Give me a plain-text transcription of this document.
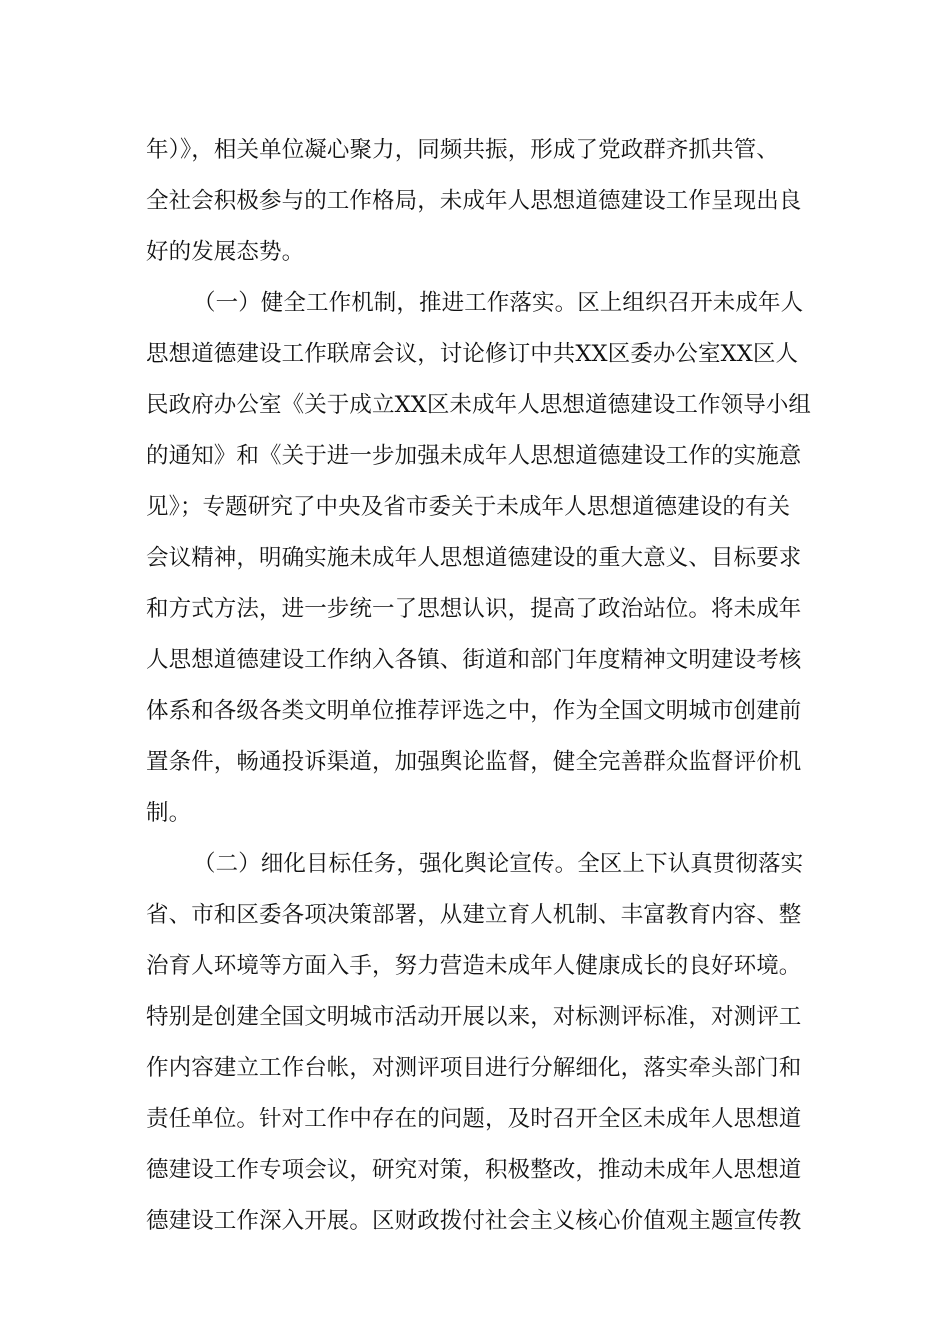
年）》，相关单位凝心聚力，同频共振，形成了党政群齐抓共管、
全社会积极参与的工作格局，未成年人思想道德建设工作呈现出良
好的发展态势。
（一）健全工作机制，推进工作落实。区上组织召开未成年人
思想道德建设工作联席会议，讨论修订中共XX区委办公室XX区人
民政府办公室《关于成立XX区未成年人思想道德建设工作领导小组
的通知》和《关于进一步加强未成年人思想道德建设工作的实施意
见》；专题研究了中央及省市委关于未成年人思想道德建设的有关
会议精神，明确实施未成年人思想道德建设的重大意义、目标要求
和方式方法，进一步统一了思想认识，提高了政治站位。将未成年
人思想道德建设工作纳入各镇、街道和部门年度精神文明建设考核
体系和各级各类文明单位推荐评选之中，作为全国文明城市创建前
置条件，畅通投诉渠道，加强舆论监督，健全完善群众监督评价机
制。
（二）细化目标任务，强化舆论宣传。全区上下认真贯彻落实
省、市和区委各项决策部署，从建立育人机制、丰富教育内容、整
治育人环境等方面入手，努力营造未成年人健康成长的良好环境。
特别是创建全国文明城市活动开展以来，对标测评标准，对测评工
作内容建立工作台帐，对测评项目进行分解细化，落实牵头部门和
责任单位。针对工作中存在的问题，及时召开全区未成年人思想道
德建设工作专项会议，研究对策，积极整改，推动未成年人思想道
德建设工作深入开展。区财政拨付社会主义核心价值观主题宣传教
